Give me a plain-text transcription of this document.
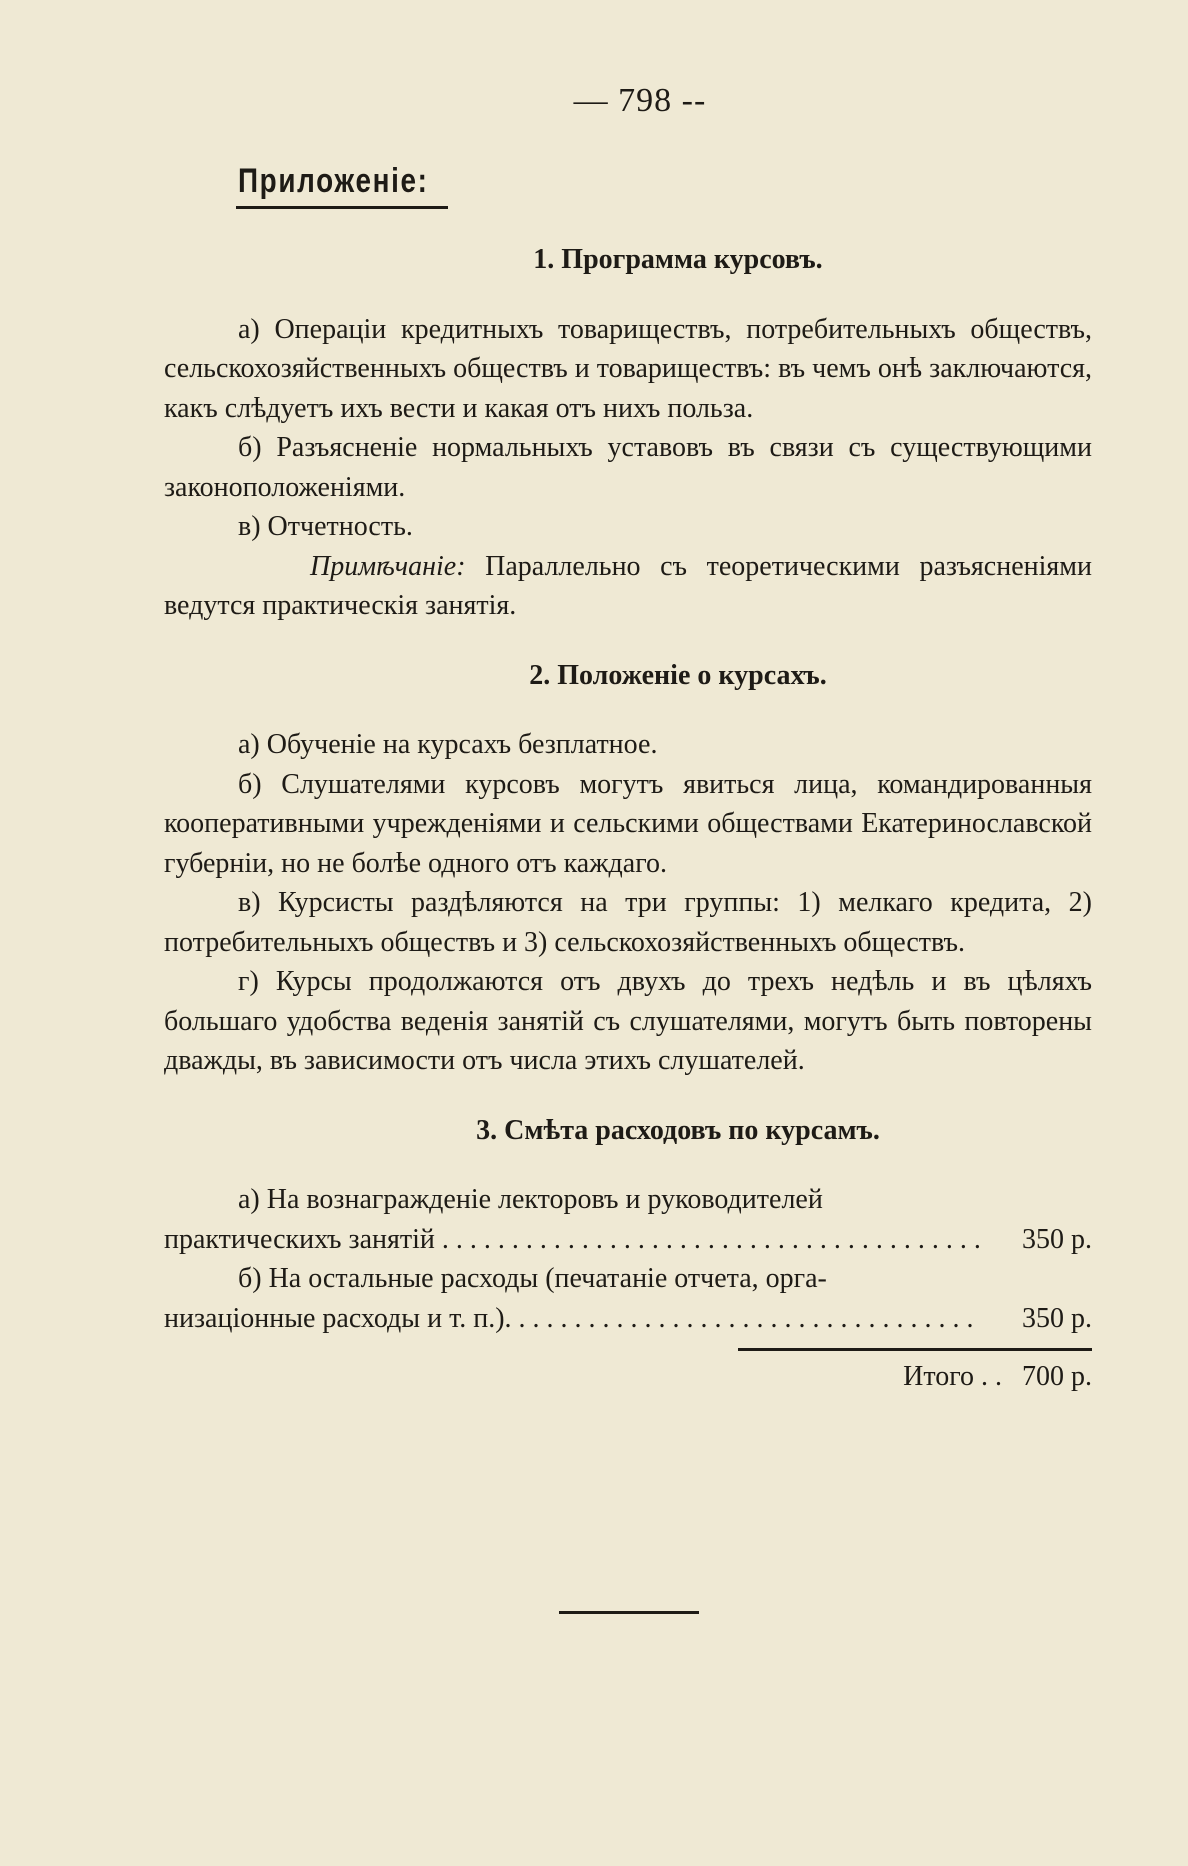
— 798 --
Приложенiе:
1. Программа курсовъ.

а) Операцiи кредитныхъ товариществъ, потребительныхъ обществъ, сельскохозяйственныхъ обществъ и товариществъ: въ чемъ онѣ заключаются, какъ слѣдуетъ ихъ вести и какая отъ нихъ польза.

б) Разъясненiе нормальныхъ уставовъ въ связи съ существующими законоположенiями.

в) Отчетность.

Примѣчанiе: Параллельно съ теоретическими разъясненiями ведутся практическiя занятiя.

2. Положенiе о курсахъ.

а) Обученiе на курсахъ безплатное.

б) Слушателями курсовъ могутъ явиться лица, командированныя кооперативными учрежденiями и сельскими обществами Екатеринославской губернiи, но не болѣе одного отъ каждаго.

в) Курсисты раздѣляются на три группы: 1) мелкаго кредита, 2) потребительныхъ обществъ и 3) сельскохозяйственныхъ обществъ.

г) Курсы продолжаются отъ двухъ до трехъ недѣль и въ цѣляхъ большаго удобства веденiя занятiй съ слушателями, могутъ быть повторены дважды, въ зависимости отъ числа этихъ слушателей.

3. Смѣта расходовъ по курсамъ.
а) На вознагражденiе лекторовъ и руководителей
практическихъ занятiй . . .	350 р.
б) На остальные расходы (печатанiе отчета, орга-
низацiонные расходы и т. п.). . . .	350 р.
Итого . . 700 р.
